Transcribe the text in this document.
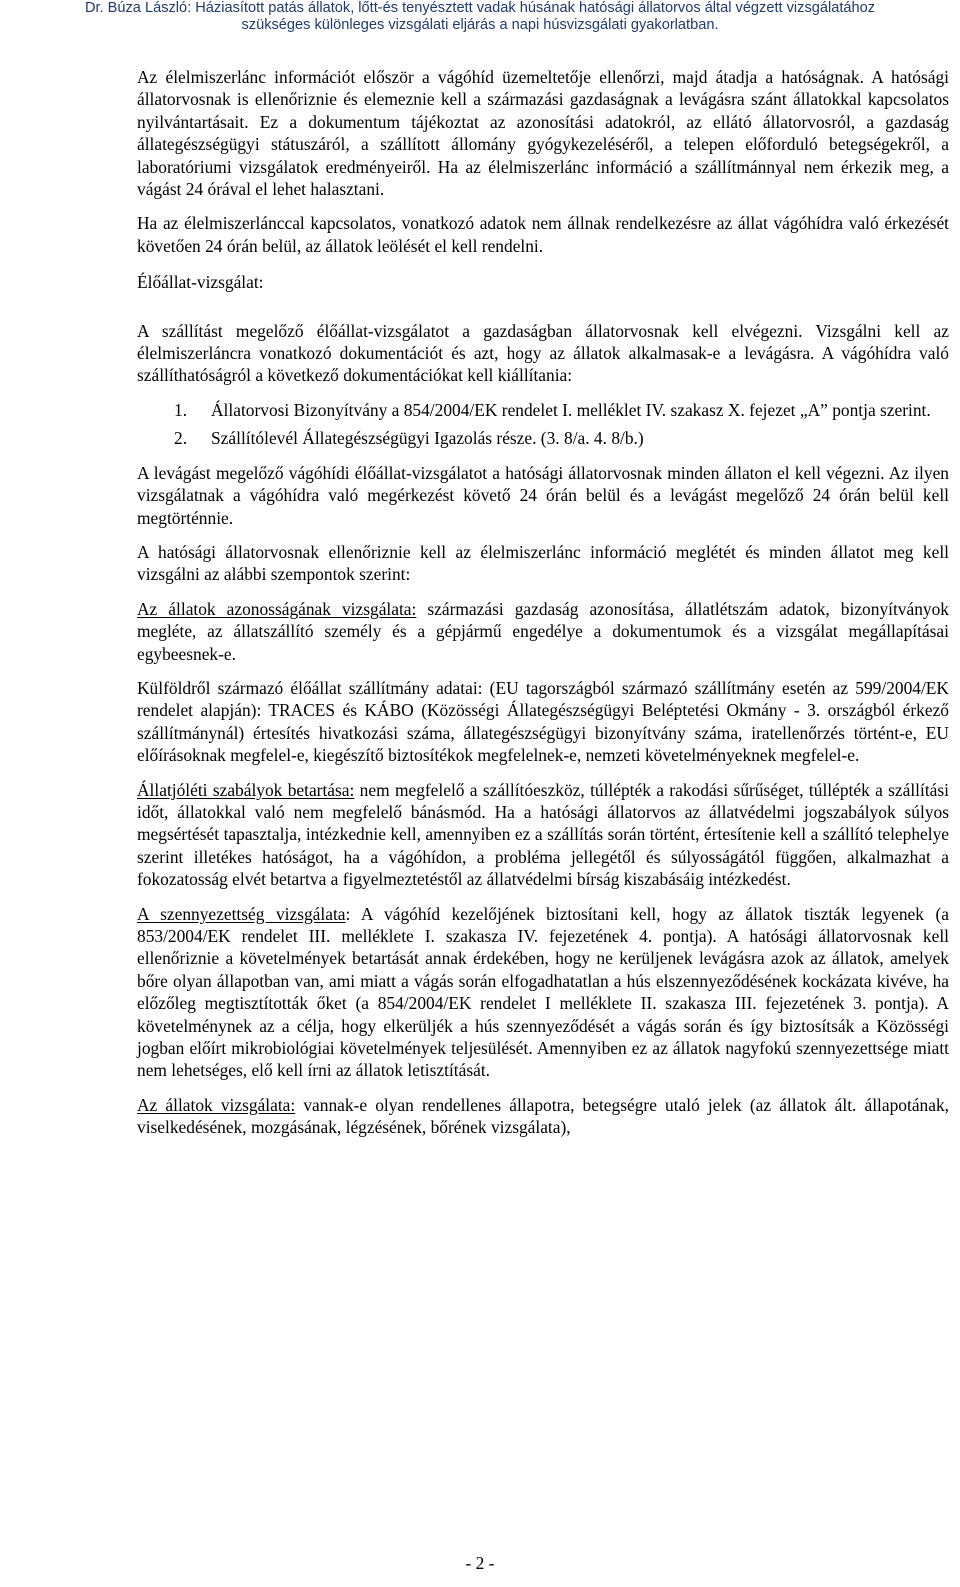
Dr. Búza László: Háziasított patás állatok, lőtt-és tenyésztett vadak húsának hatósági állatorvos által végzett vizsgálatához
szükséges különleges vizsgálati eljárás a napi húsvizsgálati gyakorlatban.

Az élelmiszerlánc információt először a vágóhíd üzemeltetője ellenőrzi, majd átadja a hatóságnak. A hatósági állatorvosnak is ellenőriznie és elemeznie kell a származási gazdaságnak a levágásra szánt állatokkal kapcsolatos nyilvántartásait. Ez a dokumentum tájékoztat az azonosítási adatokról, az ellátó állatorvosról, a gazdaság állategészségügyi státuszáról, a szállított állomány gyógykezeléséről, a telepen előforduló betegségekről, a laboratóriumi vizsgálatok eredményeiről. Ha az élelmiszerlánc információ a szállítmánnyal nem érkezik meg, a vágást 24 órával el lehet halasztani.

Ha az élelmiszerlánccal kapcsolatos, vonatkozó adatok nem állnak rendelkezésre az állat vágóhídra való érkezését követően 24 órán belül, az állatok leölését el kell rendelni.

Élőállat-vizsgálat:

A szállítást megelőző élőállat-vizsgálatot a gazdaságban állatorvosnak kell elvégezni. Vizsgálni kell az élelmiszerláncra vonatkozó dokumentációt és azt, hogy az állatok alkalmasak-e a levágásra. A vágóhídra való szállíthatóságról a következő dokumentációkat kell kiállítania:

1. Állatorvosi Bizonyítvány a 854/2004/EK rendelet I. melléklet IV. szakasz X. fejezet „A” pontja szerint.
2. Szállítólevél Állategészségügyi Igazolás része. (3. 8/a. 4. 8/b.)

A levágást megelőző vágóhídi élőállat-vizsgálatot a hatósági állatorvosnak minden állaton el kell végezni. Az ilyen vizsgálatnak a vágóhídra való megérkezést követő 24 órán belül és a levágást megelőző 24 órán belül kell megtörténnie.

A hatósági állatorvosnak ellenőriznie kell az élelmiszerlánc információ meglétét és minden állatot meg kell vizsgálni az alábbi szempontok szerint:

Az állatok azonosságának vizsgálata: származási gazdaság azonosítása, állatlétszám adatok, bizonyítványok megléte, az állatszállító személy és a gépjármű engedélye a dokumentumok és a vizsgálat megállapításai egybeesnek-e.

Külföldről származó élőállat szállítmány adatai: (EU tagországból származó szállítmány esetén az 599/2004/EK rendelet alapján): TRACES és KÁBO (Közösségi Állategészségügyi Beléptetési Okmány - 3. országból érkező szállítmánynál) értesítés hivatkozási száma, állategészségügyi bizonyítvány száma, iratellenőrzés történt-e, EU előírásoknak megfelel-e, kiegészítő biztosítékok megfelelnek-e, nemzeti követelményeknek megfelel-e.

Állatjóléti szabályok betartása: nem megfelelő a szállítóeszköz, túllépték a rakodási sűrűséget, túllépték a szállítási időt, állatokkal való nem megfelelő bánásmód. Ha a hatósági állatorvos az állatvédelmi jogszabályok súlyos megsértését tapasztalja, intézkednie kell, amennyiben ez a szállítás során történt, értesítenie kell a szállító telephelye szerint illetékes hatóságot, ha a vágóhídon, a probléma jellegétől és súlyosságától függően, alkalmazhat a fokozatosság elvét betartva a figyelmeztetéstől az állatvédelmi bírság kiszabásáig intézkedést.

A szennyezettség vizsgálata: A vágóhíd kezelőjének biztosítani kell, hogy az állatok tiszták legyenek (a 853/2004/EK rendelet III. melléklete I. szakasza IV. fejezetének 4. pontja). A hatósági állatorvosnak kell ellenőriznie a követelmények betartását annak érdekében, hogy ne kerüljenek levágásra azok az állatok, amelyek bőre olyan állapotban van, ami miatt a vágás során elfogadhatatlan a hús elszennyeződésének kockázata kivéve, ha előzőleg megtisztították őket (a 854/2004/EK rendelet I melléklete II. szakasza III. fejezetének 3. pontja). A követelménynek az a célja, hogy elkerüljék a hús szennyeződését a vágás során és így biztosítsák a Közösségi jogban előírt mikrobiológiai követelmények teljesülését. Amennyiben ez az állatok nagyfokú szennyezettsége miatt nem lehetséges, elő kell írni az állatok letisztítását.

Az állatok vizsgálata: vannak-e olyan rendellenes állapotra, betegségre utaló jelek (az állatok ált. állapotának, viselkedésének, mozgásának, légzésének, bőrének vizsgálata),

- 2 -
